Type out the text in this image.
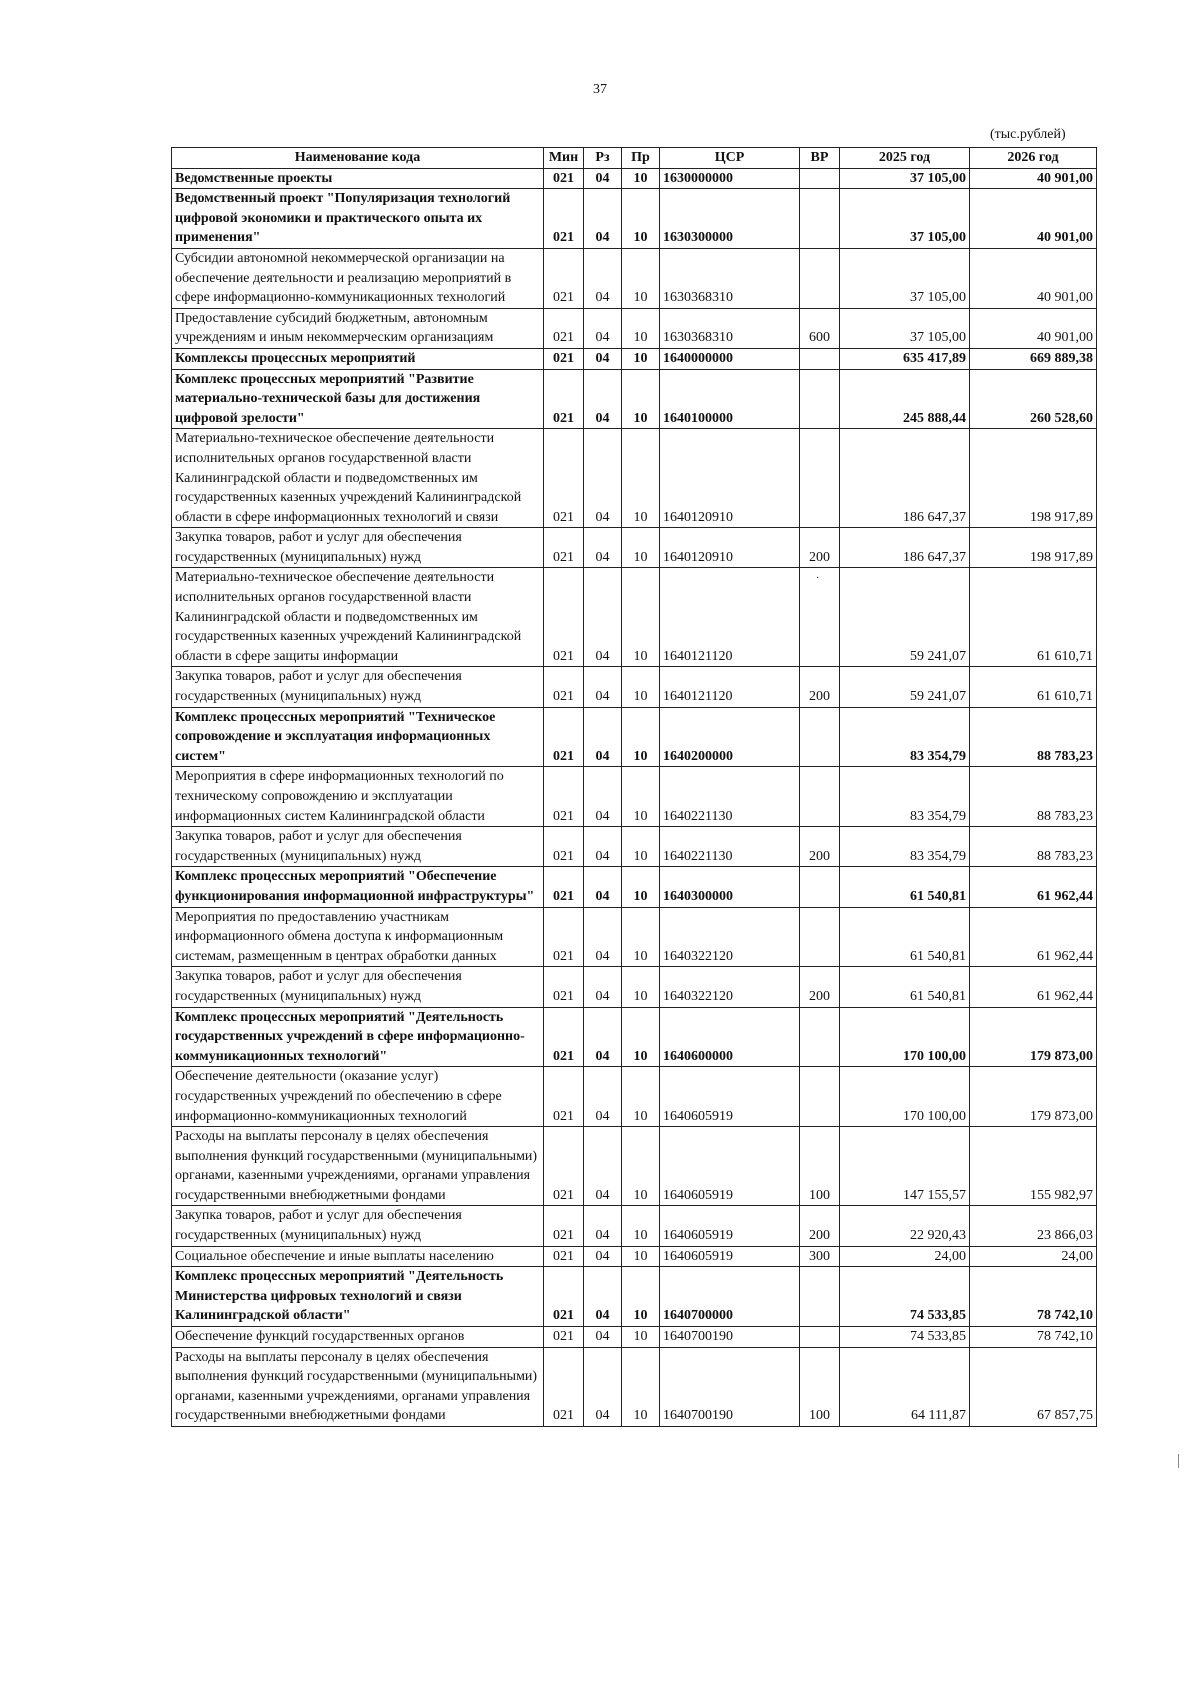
37
(тыс.рублей)
·
Наименование кода	Мин	Рз	Пр	ЦСР	ВР	2025 год	2026 год
Ведомственные проекты	021	04	10	1630000000		37 105,00	40 901,00
Ведомственный проект "Популяризация технологий цифровой экономики и практического опыта их применения"	021	04	10	1630300000		37 105,00	40 901,00
Субсидии автономной некоммерческой организации на обеспечение деятельности и реализацию мероприятий в сфере информационно-коммуникационных технологий	021	04	10	1630368310		37 105,00	40 901,00
Предоставление субсидий бюджетным, автономным учреждениям и иным некоммерческим организациям	021	04	10	1630368310	600	37 105,00	40 901,00
Комплексы процессных мероприятий	021	04	10	1640000000		635 417,89	669 889,38
Комплекс процессных мероприятий "Развитие материально-технической базы для достижения цифровой зрелости"	021	04	10	1640100000		245 888,44	260 528,60
Материально-техническое обеспечение деятельности исполнительных органов государственной власти Калининградской области и подведомственных им государственных казенных учреждений Калининградской области в сфере информационных технологий и связи	021	04	10	1640120910		186 647,37	198 917,89
Закупка товаров, работ и услуг для обеспечения государственных (муниципальных) нужд	021	04	10	1640120910	200	186 647,37	198 917,89
Материально-техническое обеспечение деятельности исполнительных органов государственной власти Калининградской области и подведомственных им государственных казенных учреждений Калининградской области в сфере защиты информации	021	04	10	1640121120		59 241,07	61 610,71
Закупка товаров, работ и услуг для обеспечения государственных (муниципальных) нужд	021	04	10	1640121120	200	59 241,07	61 610,71
Комплекс процессных мероприятий "Техническое сопровождение и эксплуатация информационных систем"	021	04	10	1640200000		83 354,79	88 783,23
Мероприятия в сфере информационных технологий по техническому сопровождению и эксплуатации информационных систем Калининградской области	021	04	10	1640221130		83 354,79	88 783,23
Закупка товаров, работ и услуг для обеспечения государственных (муниципальных) нужд	021	04	10	1640221130	200	83 354,79	88 783,23
Комплекс процессных мероприятий "Обеспечение функционирования информационной инфраструктуры"	021	04	10	1640300000		61 540,81	61 962,44
Мероприятия по предоставлению участникам информационного обмена доступа к информационным системам, размещенным в центрах обработки данных	021	04	10	1640322120		61 540,81	61 962,44
Закупка товаров, работ и услуг для обеспечения государственных (муниципальных) нужд	021	04	10	1640322120	200	61 540,81	61 962,44
Комплекс процессных мероприятий "Деятельность государственных учреждений в сфере информационно-коммуникационных технологий"	021	04	10	1640600000		170 100,00	179 873,00
Обеспечение деятельности (оказание услуг) государственных учреждений по обеспечению в сфере информационно-коммуникационных технологий	021	04	10	1640605919		170 100,00	179 873,00
Расходы на выплаты персоналу в целях обеспечения выполнения функций государственными (муниципальными) органами, казенными учреждениями, органами управления государственными внебюджетными фондами	021	04	10	1640605919	100	147 155,57	155 982,97
Закупка товаров, работ и услуг для обеспечения государственных (муниципальных) нужд	021	04	10	1640605919	200	22 920,43	23 866,03
Социальное обеспечение и иные выплаты населению	021	04	10	1640605919	300	24,00	24,00
Комплекс процессных мероприятий "Деятельность Министерства цифровых технологий и связи Калининградской области"	021	04	10	1640700000		74 533,85	78 742,10
Обеспечение функций государственных органов	021	04	10	1640700190		74 533,85	78 742,10
Расходы на выплаты персоналу в целях обеспечения выполнения функций государственными (муниципальными) органами, казенными учреждениями, органами управления государственными внебюджетными фондами	021	04	10	1640700190	100	64 111,87	67 857,75
